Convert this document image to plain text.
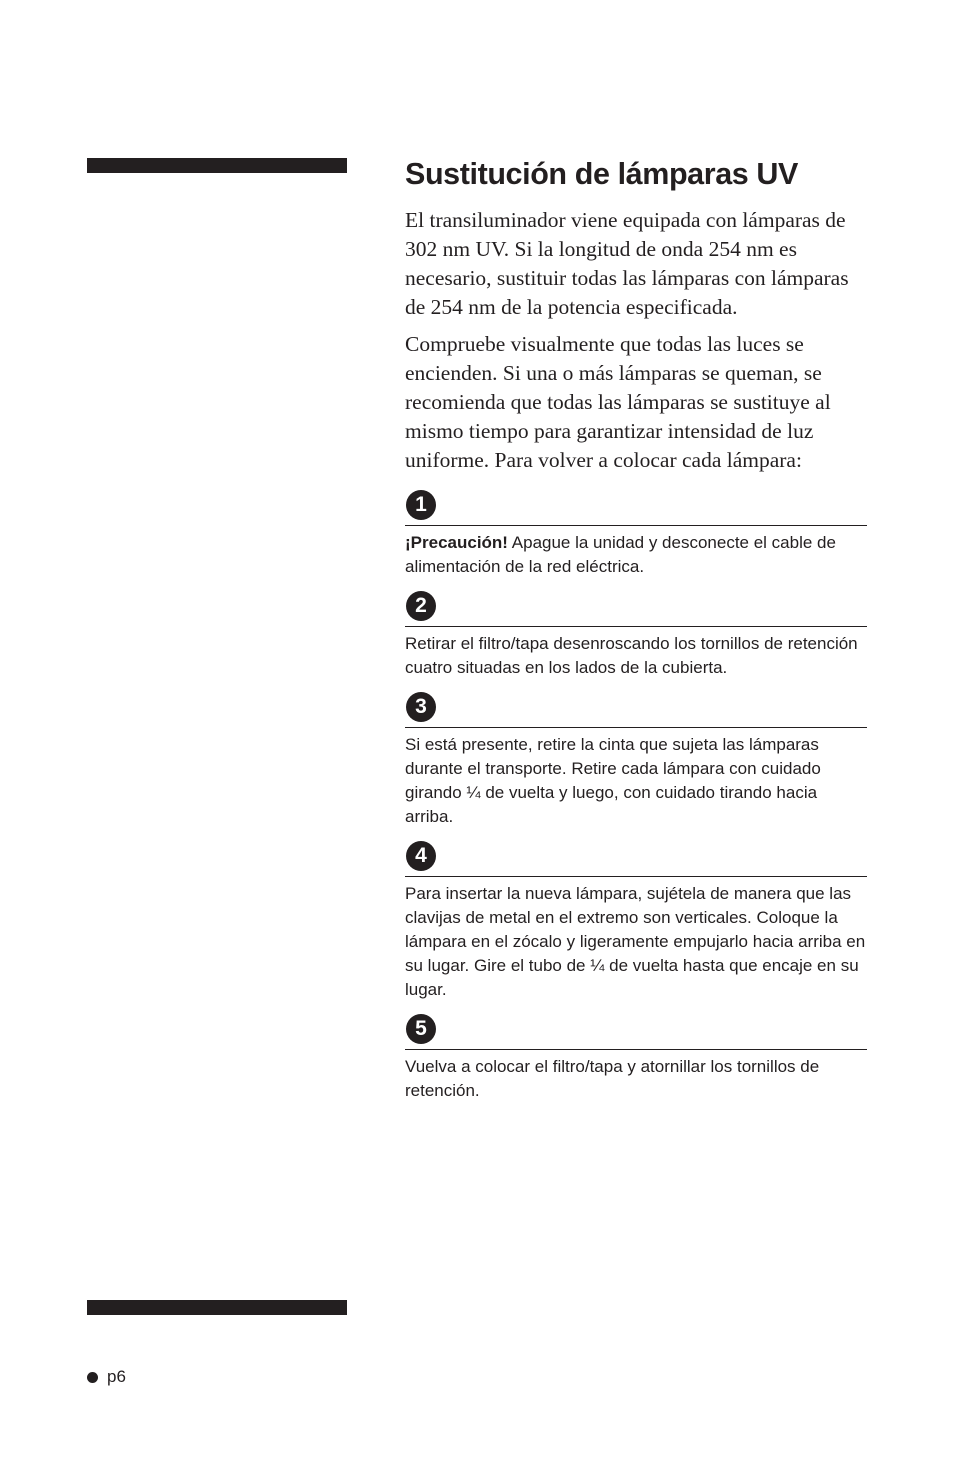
Sustitución de lámparas UV

El transiluminador viene equipada con lámparas de 302 nm UV. Si la longitud de onda 254 nm es necesario, sustituir todas las lámparas con lámparas de 254 nm de la potencia especificada.

Compruebe visualmente que todas las luces se encienden. Si una o más lámparas se queman, se recomienda que todas las lámparas se sustituye al mismo tiempo para garantizar intensidad de luz uniforme. Para volver a colocar cada lámpara:

1

¡Precaución! Apague la unidad y desconecte el cable de alimentación de la red eléctrica.

2

Retirar el filtro/tapa desenroscando los tornillos de retención cuatro situadas en los lados de la cubierta.

3

Si está presente, retire la cinta que sujeta las lámparas durante el transporte. Retire cada lámpara con cuidado girando ¼ de vuelta y luego, con cuidado tirando hacia arriba.

4

Para insertar la nueva lámpara, sujételа de manera que las clavijas de metal en el extremo son verticales. Coloque la lámpara en el zócalo y ligeramente empujarlo hacia arriba en su lugar. Gire el tubo de ¼ de vuelta hasta que encaje en su lugar.

5

Vuelva a colocar el filtro/tapa y atornillar los tornillos de retención.

p6
